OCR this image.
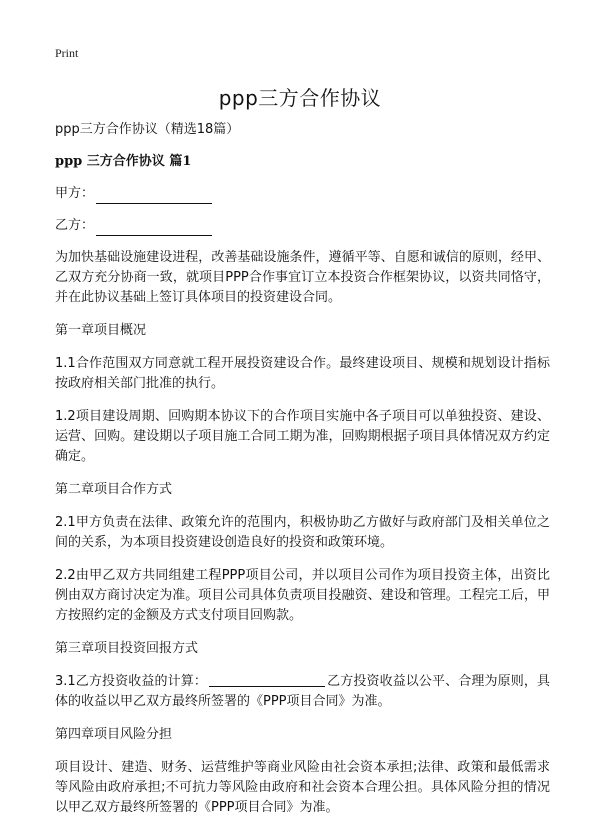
Print
ppp三方合作协议

ppp三方合作协议（精选18篇）

ppp 三方合作协议 篇1

甲方：
乙方：

为加快基础设施建设进程，改善基础设施条件，遵循平等、自愿和诚信的原则，经甲、乙双方充分协商一致，就项目PPP合作事宜订立本投资合作框架协议，以资共同恪守，并在此协议基础上签订具体项目的投资建设合同。

第一章项目概况

1.1合作范围双方同意就工程开展投资建设合作。最终建设项目、规模和规划设计指标按政府相关部门批准的执行。

1.2项目建设周期、回购期本协议下的合作项目实施中各子项目可以单独投资、建设、运营、回购。建设期以子项目施工合同工期为准，回购期根据子项目具体情况双方约定确定。

第二章项目合作方式

2.1甲方负责在法律、政策允许的范围内，积极协助乙方做好与政府部门及相关单位之间的关系，为本项目投资建设创造良好的投资和政策环境。

2.2由甲乙双方共同组建工程PPP项目公司，并以项目公司作为项目投资主体，出资比例由双方商讨决定为准。项目公司具体负责项目投融资、建设和管理。工程完工后，甲方按照约定的金额及方式支付项目回购款。

第三章项目投资回报方式

3.1乙方投资收益的计算：	乙方投资收益以公平、合理为原则，具体的收益以甲乙双方最终所签署的《PPP项目合同》为准。

第四章项目风险分担

项目设计、建造、财务、运营维护等商业风险由社会资本承担;法律、政策和最低需求等风险由政府承担;不可抗力等风险由政府和社会资本合理公担。具体风险分担的情况以甲乙双方最终所签署的《PPP项目合同》为准。
